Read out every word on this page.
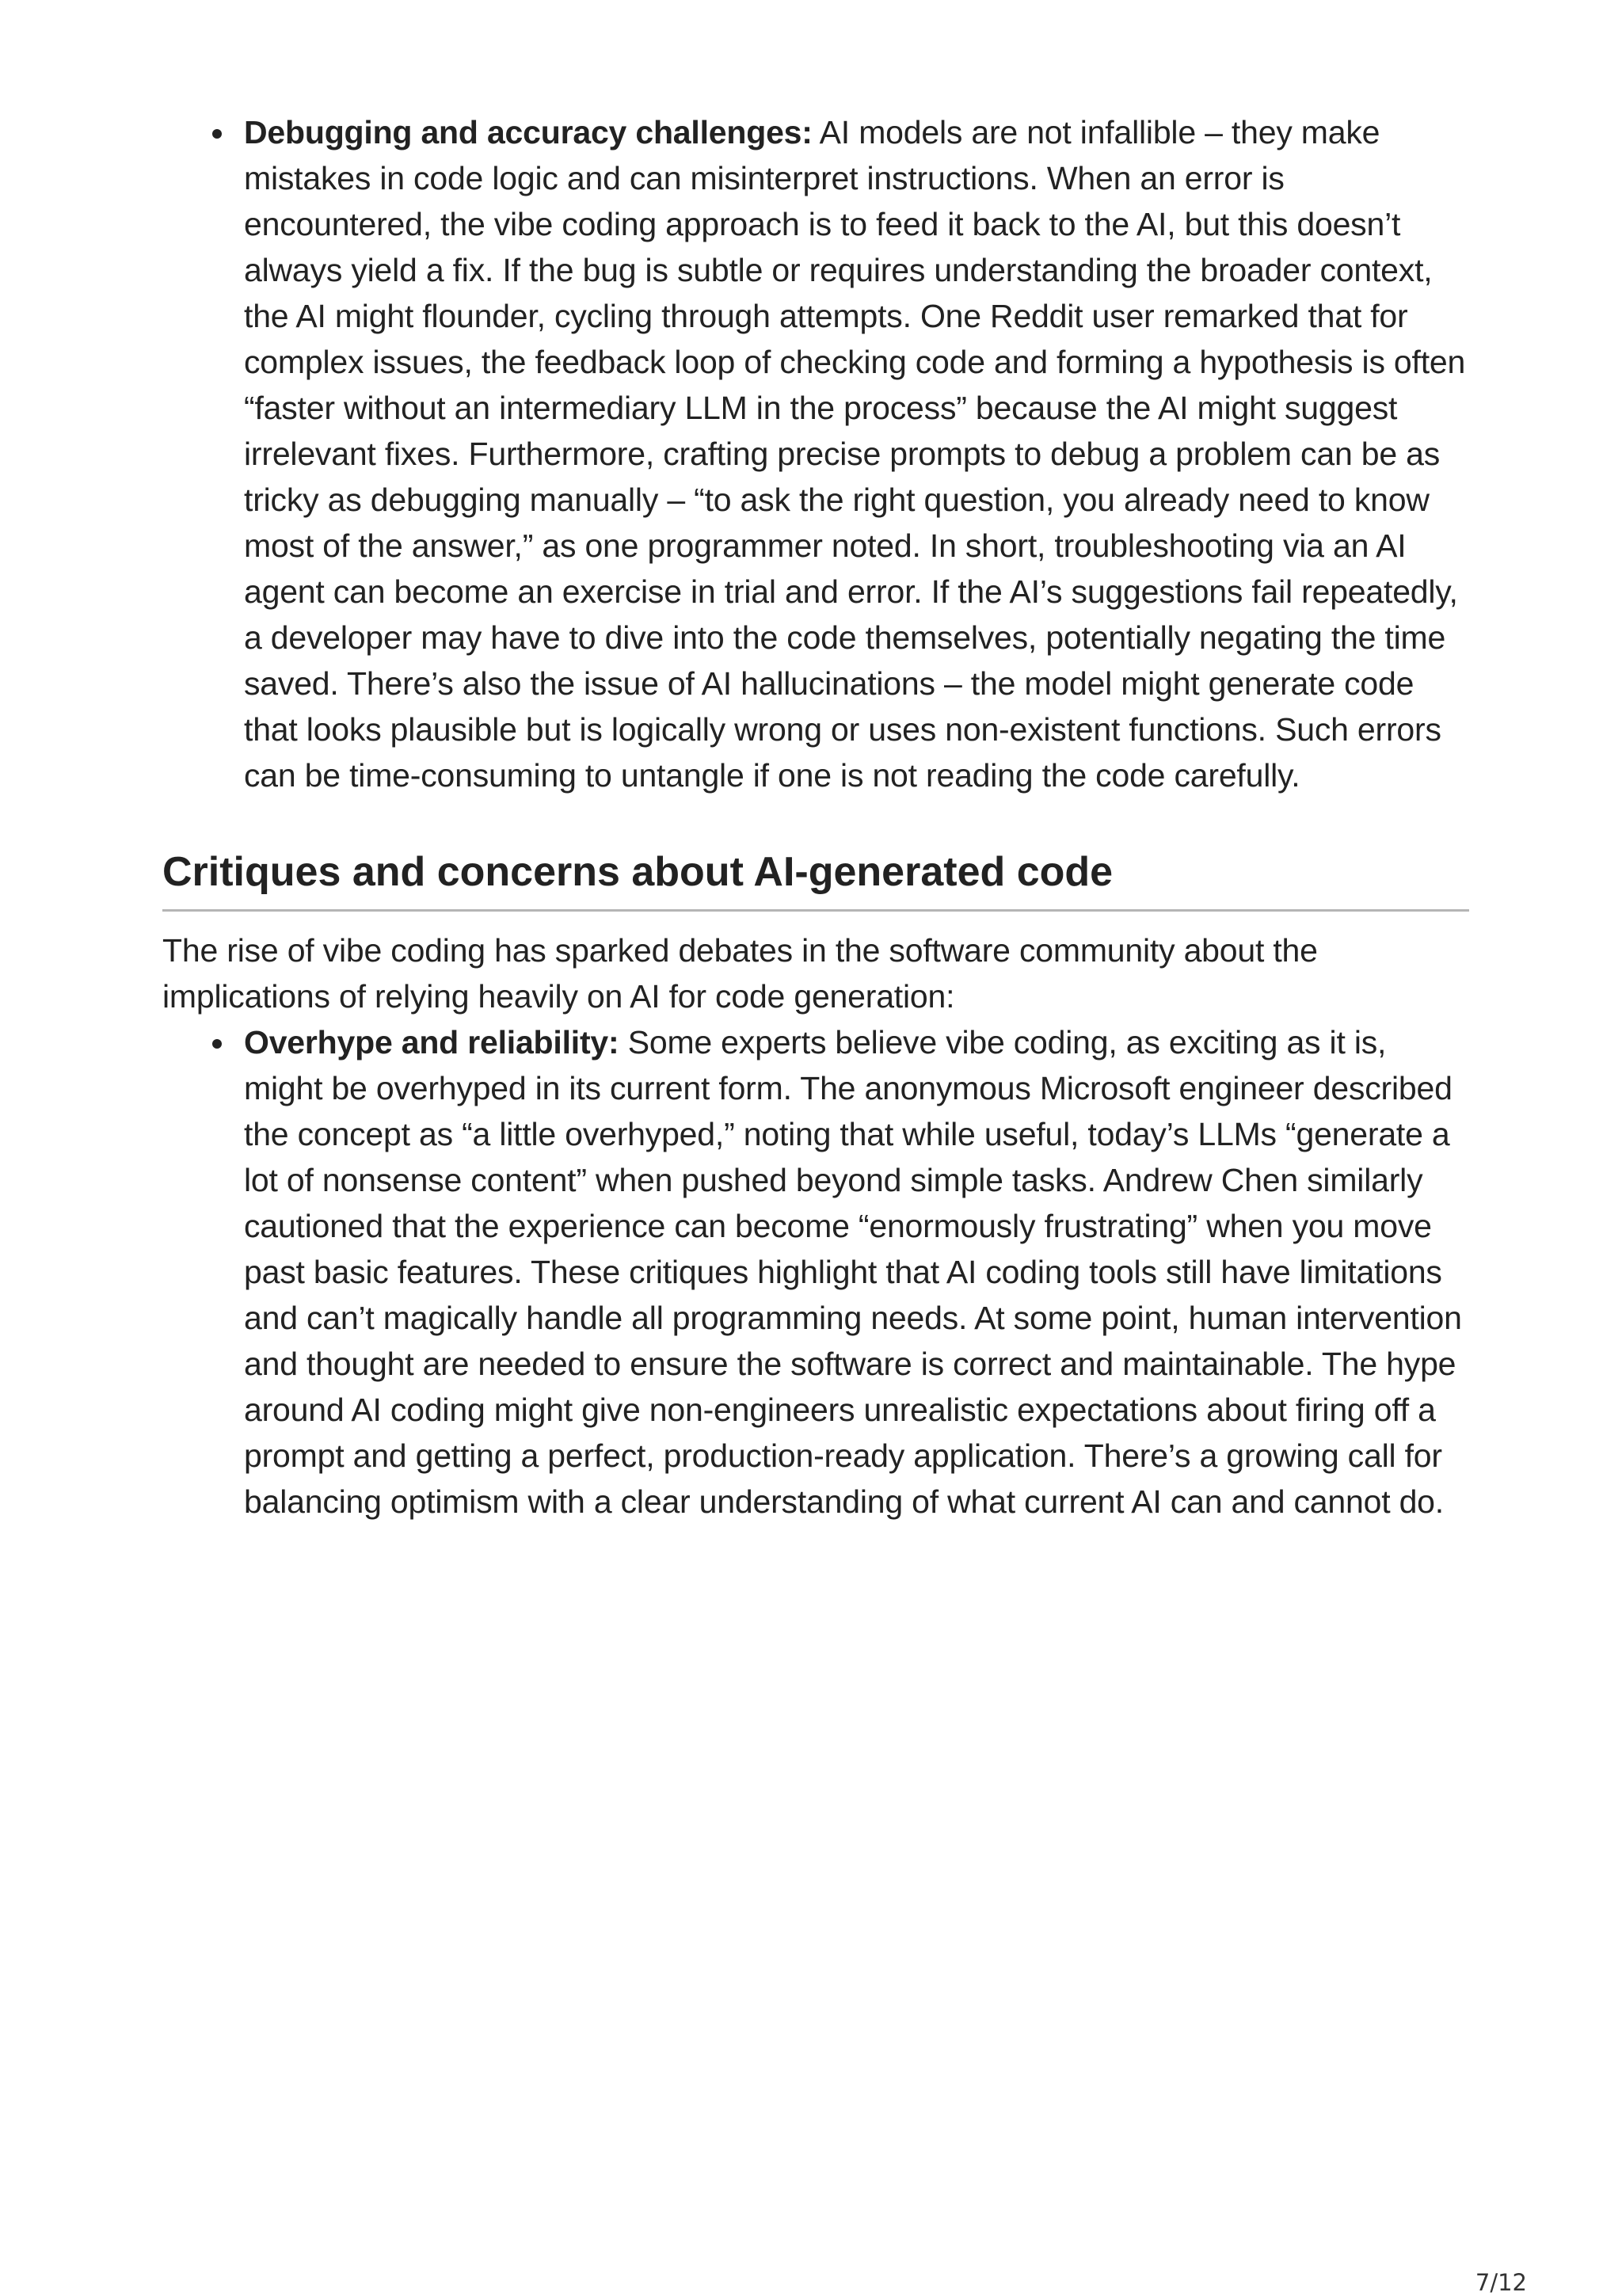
Debugging and accuracy challenges: AI models are not infallible – they make mistakes in code logic and can misinterpret instructions. When an error is encountered, the vibe coding approach is to feed it back to the AI, but this doesn’t always yield a fix. If the bug is subtle or requires understanding the broader context, the AI might flounder, cycling through attempts. One Reddit user remarked that for complex issues, the feedback loop of checking code and forming a hypothesis is often “faster without an intermediary LLM in the process” because the AI might suggest irrelevant fixes. Furthermore, crafting precise prompts to debug a problem can be as tricky as debugging manually – “to ask the right question, you already need to know most of the answer,” as one programmer noted. In short, troubleshooting via an AI agent can become an exercise in trial and error. If the AI’s suggestions fail repeatedly, a developer may have to dive into the code themselves, potentially negating the time saved. There’s also the issue of AI hallucinations – the model might generate code that looks plausible but is logically wrong or uses non-existent functions. Such errors can be time-consuming to untangle if one is not reading the code carefully.
Critiques and concerns about AI-generated code

The rise of vibe coding has sparked debates in the software community about the implications of relying heavily on AI for code generation:

Overhype and reliability: Some experts believe vibe coding, as exciting as it is, might be overhyped in its current form. The anonymous Microsoft engineer described the concept as “a little overhyped,” noting that while useful, today’s LLMs “generate a lot of nonsense content” when pushed beyond simple tasks. Andrew Chen similarly cautioned that the experience can become “enormously frustrating” when you move past basic features. These critiques highlight that AI coding tools still have limitations and can’t magically handle all programming needs. At some point, human intervention and thought are needed to ensure the software is correct and maintainable. The hype around AI coding might give non-engineers unrealistic expectations about firing off a prompt and getting a perfect, production-ready application. There’s a growing call for balancing optimism with a clear understanding of what current AI can and cannot do.
7/12
